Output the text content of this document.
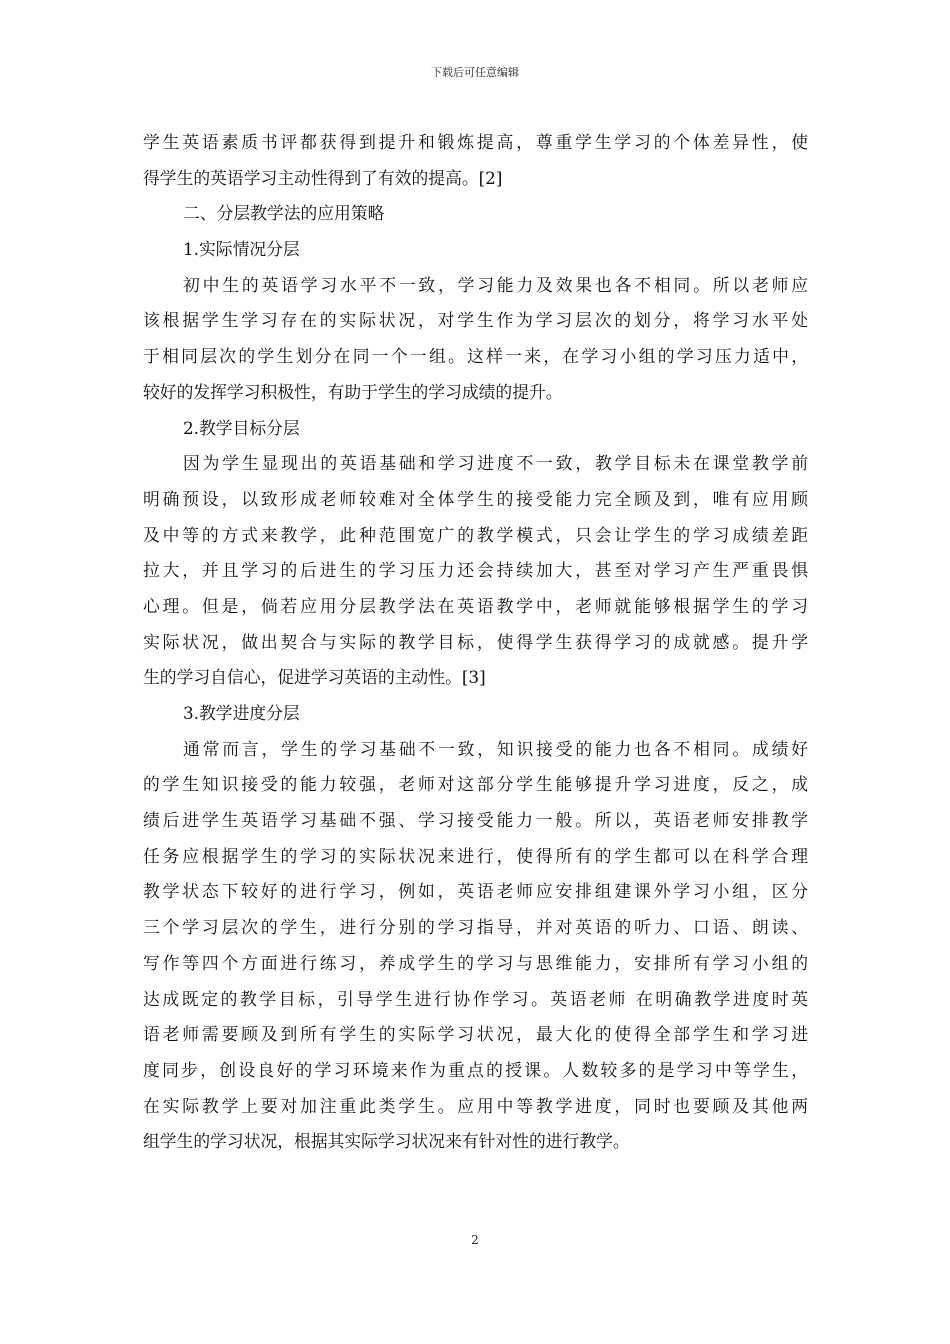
下载后可任意编辑
学生英语素质书评都获得到提升和锻炼提高，尊重学生学习的个体差异性，使
得学生的英语学习主动性得到了有效的提高。[2]
二、分层教学法的应用策略
1.实际情况分层
初中生的英语学习水平不一致，学习能力及效果也各不相同。所以老师应
该根据学生学习存在的实际状况，对学生作为学习层次的划分，将学习水平处
于相同层次的学生划分在同一个一组。这样一来，在学习小组的学习压力适中，
较好的发挥学习积极性，有助于学生的学习成绩的提升。
2.教学目标分层
因为学生显现出的英语基础和学习进度不一致，教学目标未在课堂教学前
明确预设，以致形成老师较难对全体学生的接受能力完全顾及到，唯有应用顾
及中等的方式来教学，此种范围宽广的教学模式，只会让学生的学习成绩差距
拉大，并且学习的后进生的学习压力还会持续加大，甚至对学习产生严重畏惧
心理。但是，倘若应用分层教学法在英语教学中，老师就能够根据学生的学习
实际状况，做出契合与实际的教学目标，使得学生获得学习的成就感。提升学
生的学习自信心，促进学习英语的主动性。[3]
3.教学进度分层
通常而言，学生的学习基础不一致，知识接受的能力也各不相同。成绩好
的学生知识接受的能力较强，老师对这部分学生能够提升学习进度，反之，成
绩后进学生英语学习基础不强、学习接受能力一般。所以，英语老师安排教学
任务应根据学生的学习的实际状况来进行，使得所有的学生都可以在科学合理
教学状态下较好的进行学习，例如，英语老师应安排组建课外学习小组，区分
三个学习层次的学生，进行分别的学习指导，并对英语的听力、口语、朗读、
写作等四个方面进行练习，养成学生的学习与思维能力，安排所有学习小组的
达成既定的教学目标，引导学生进行协作学习。英语老师 在明确教学进度时英
语老师需要顾及到所有学生的实际学习状况，最大化的使得全部学生和学习进
度同步，创设良好的学习环境来作为重点的授课。人数较多的是学习中等学生，
在实际教学上要对加注重此类学生。应用中等教学进度，同时也要顾及其他两
组学生的学习状况，根据其实际学习状况来有针对性的进行教学。
2
